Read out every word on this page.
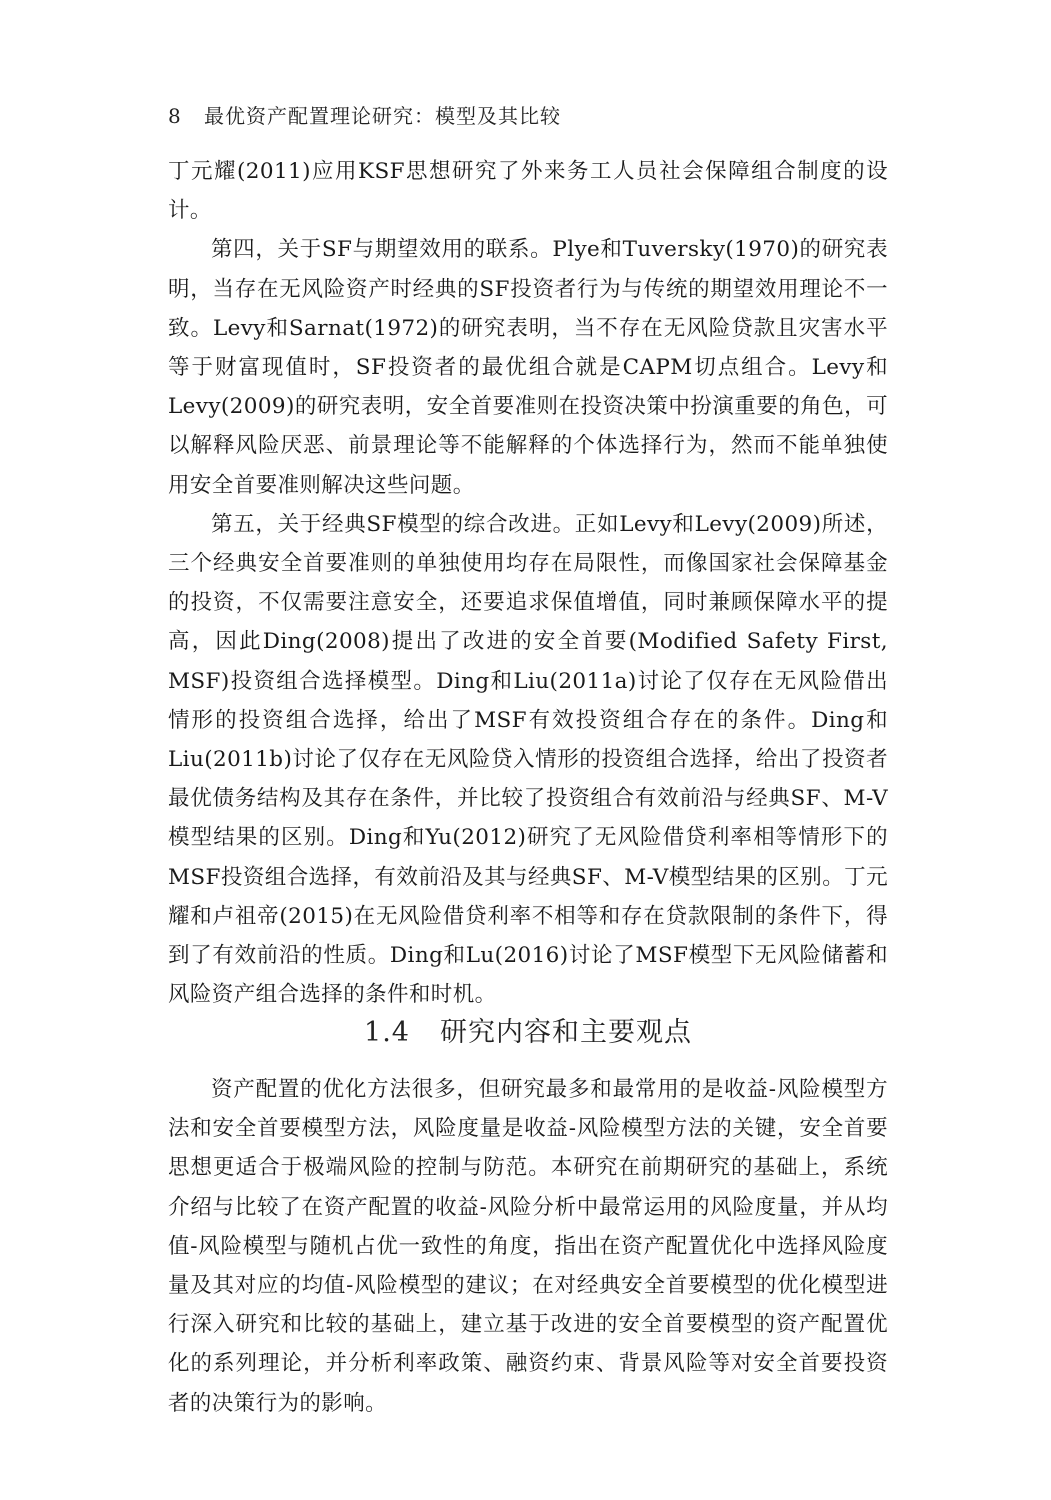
8 最优资产配置理论研究：模型及其比较

丁元耀(2011)应用KSF思想研究了外来务工人员社会保障组合制度的设计。

第四，关于SF与期望效用的联系。Plye和Tuversky(1970)的研究表明，当存在无风险资产时经典的SF投资者行为与传统的期望效用理论不一致。Levy和Sarnat(1972)的研究表明，当不存在无风险贷款且灾害水平等于财富现值时，SF投资者的最优组合就是CAPM切点组合。Levy和Levy(2009)的研究表明，安全首要准则在投资决策中扮演重要的角色，可以解释风险厌恶、前景理论等不能解释的个体选择行为，然而不能单独使用安全首要准则解决这些问题。

第五，关于经典SF模型的综合改进。正如Levy和Levy(2009)所述，三个经典安全首要准则的单独使用均存在局限性，而像国家社会保障基金的投资，不仅需要注意安全，还要追求保值增值，同时兼顾保障水平的提高，因此Ding(2008)提出了改进的安全首要(Modified Safety First, MSF)投资组合选择模型。Ding和Liu(2011a)讨论了仅存在无风险借出情形的投资组合选择，给出了MSF有效投资组合存在的条件。Ding和Liu(2011b)讨论了仅存在无风险贷入情形的投资组合选择，给出了投资者最优债务结构及其存在条件，并比较了投资组合有效前沿与经典SF、M-V模型结果的区别。Ding和Yu(2012)研究了无风险借贷利率相等情形下的MSF投资组合选择，有效前沿及其与经典SF、M-V模型结果的区别。丁元耀和卢祖帝(2015)在无风险借贷利率不相等和存在贷款限制的条件下，得到了有效前沿的性质。Ding和Lu(2016)讨论了MSF模型下无风险储蓄和风险资产组合选择的条件和时机。

1.4 研究内容和主要观点

资产配置的优化方法很多，但研究最多和最常用的是收益-风险模型方法和安全首要模型方法，风险度量是收益-风险模型方法的关键，安全首要思想更适合于极端风险的控制与防范。本研究在前期研究的基础上，系统介绍与比较了在资产配置的收益-风险分析中最常运用的风险度量，并从均值-风险模型与随机占优一致性的角度，指出在资产配置优化中选择风险度量及其对应的均值-风险模型的建议；在对经典安全首要模型的优化模型进行深入研究和比较的基础上，建立基于改进的安全首要模型的资产配置优化的系列理论，并分析利率政策、融资约束、背景风险等对安全首要投资者的决策行为的影响。
